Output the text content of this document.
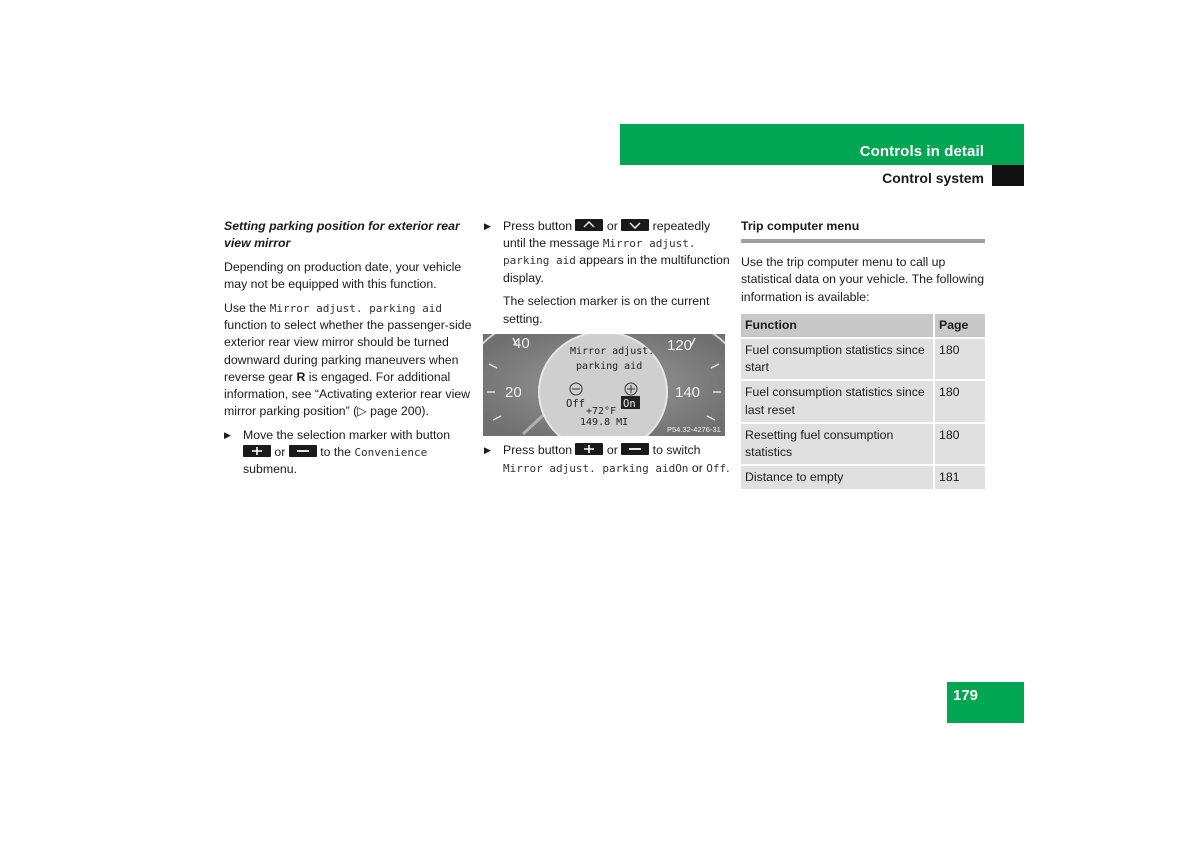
Controls in detail
Control system

Setting parking position for exterior rear view mirror

Depending on production date, your vehicle may not be equipped with this function.

Use the Mirror adjust. parking aid function to select whether the passenger-side exterior rear view mirror should be turned downward during parking maneuvers when reverse gear R is engaged. For additional information, see “Activating exterior rear view mirror parking position” (▷ page 200).

▶ Move the selection marker with button
or
to the Convenience submenu.

▶ Press button
or
repeatedly until the message Mirror adjust. parking aid appears in the multifunction display.

The selection marker is on the current setting.

40
20
120
140
Mirror adjust.
parking aid
Off	On
+72°F
149.8 MI
P54.32-4276-31

▶ Press button
or
to switch Mirror adjust. parking aidOn or Off.

Trip computer menu

Use the trip computer menu to call up statistical data on your vehicle. The following information is available:

Function	Page
Fuel consumption statistics since start	180
Fuel consumption statistics since last reset	180
Resetting fuel consumption statistics	180
Distance to empty	181
179
